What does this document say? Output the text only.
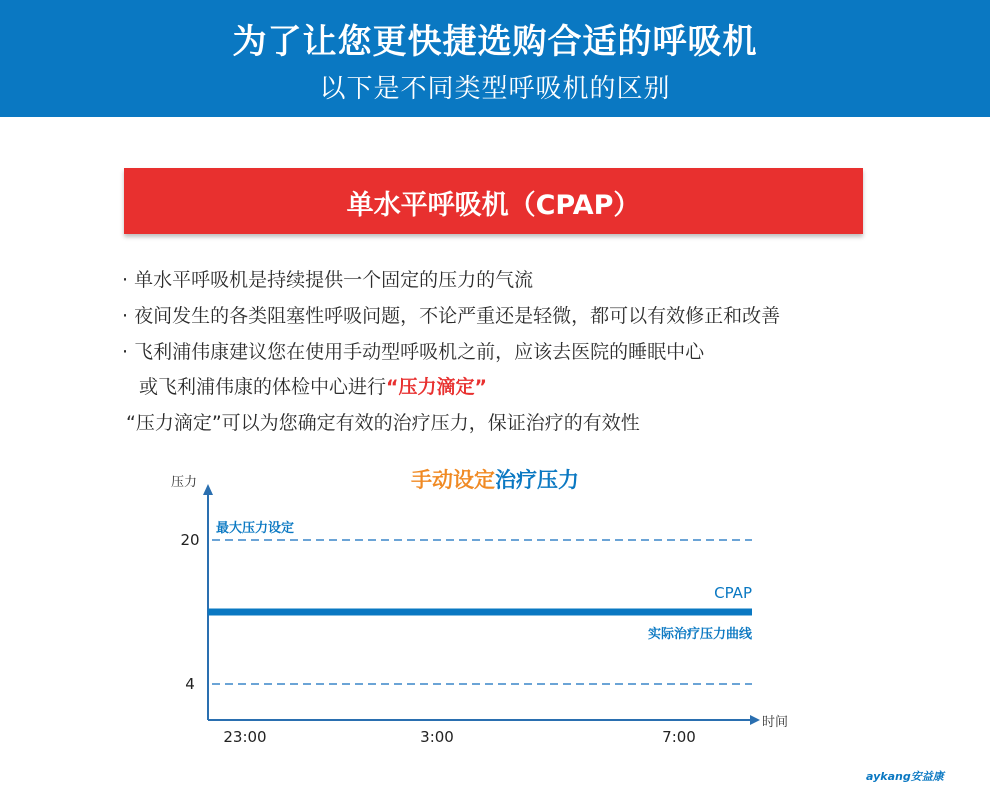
为了让您更快捷选购合适的呼吸机
以下是不同类型呼吸机的区别
单水平呼吸机（CPAP）
· 单水平呼吸机是持续提供一个固定的压力的气流
· 夜间发生的各类阻塞性呼吸问题，不论严重还是轻微，都可以有效修正和改善
· 飞利浦伟康建议您在使用手动型呼吸机之前，应该去医院的睡眠中心
或飞利浦伟康的体检中心进行“压力滴定”
“压力滴定”可以为您确定有效的治疗压力，保证治疗的有效性
手动设定治疗压力
压力
时间
最大压力设定
20
4
CPAP
实际治疗压力曲线
23:00	3:00	7:00
aykang安益康
